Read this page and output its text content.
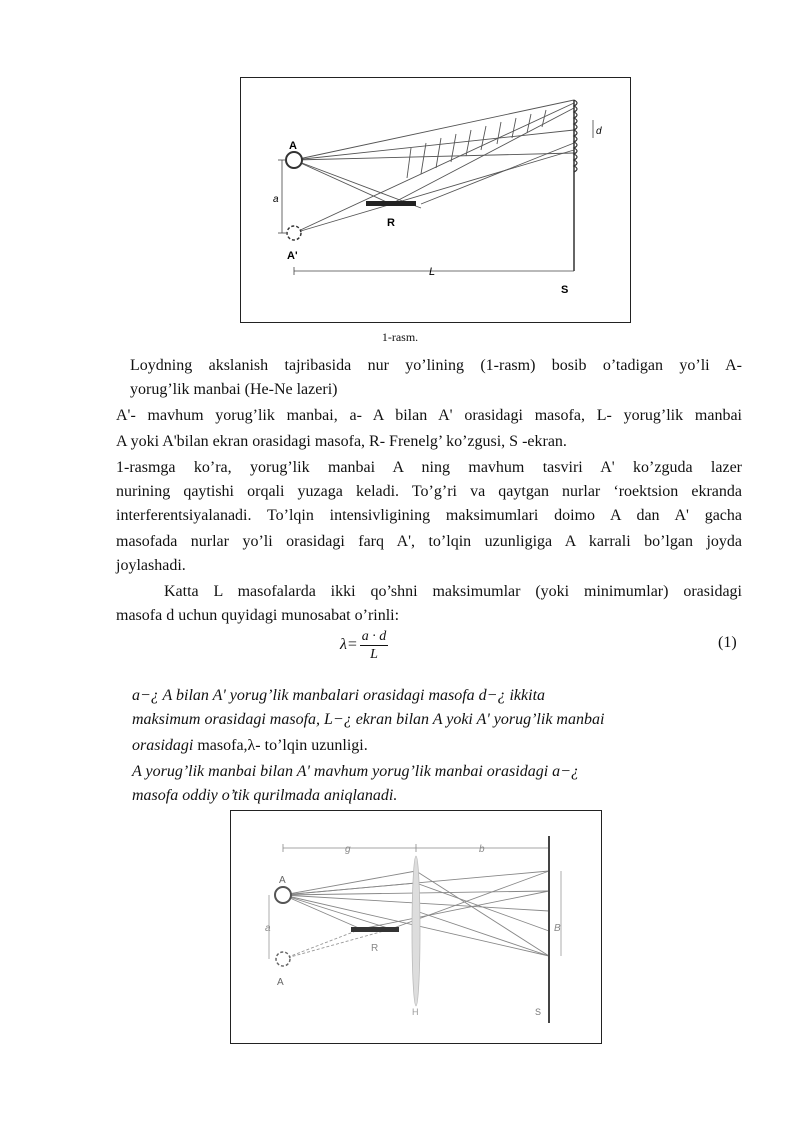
A
A'
a
R
L
S
d
1-rasm.
Loydning akslanish tajribasida nur yo’lining (1-rasm) bosib o’tadigan yo’li A-
yorug’lik manbai (He-Ne lazeri)
A'- mavhum yorug’lik manbai, a- A bilan A' orasidagi masofa, L- yorug’lik manbai
A yoki A'bilan ekran orasidagi masofa, R- Frenelg’ ko’zgusi, S -ekran.
1-rasmga ko’ra, yorug’lik manbai A ning mavhum tasviri A' ko’zguda lazer
nurining qaytishi orqali yuzaga keladi. To’g’ri va qaytgan nurlar ‘roektsion ekranda
interferentsiyalanadi. To’lqin intensivligining maksimumlari doimo A dan A' gacha
masofada nurlar yo’li orasidagi farq A', to’lqin uzunligiga A karrali bo’lgan joyda
joylashadi.
Katta L masofalarda ikki qo’shni maksimumlar (yoki minimumlar) orasidagi
masofa d uchun quyidagi munosabat o’rinli:
$\lambda= \frac{a \cdot d}{L}$	(1)
a−¿ A bilan A' yorug’lik manbalari orasidagi masofa d−¿ ikkita
maksimum orasidagi masofa, L−¿ ekran bilan A yoki A' yorug’lik manbai
orasidagi masofa,λ- to’lqin uzunligi.
A yorug’lik manbai bilan A' mavhum yorug’lik manbai orasidagi a−¿
masofa oddiy o’tik qurilmada aniqlanadi.
g	b
A
A
a
R
B
H	S
